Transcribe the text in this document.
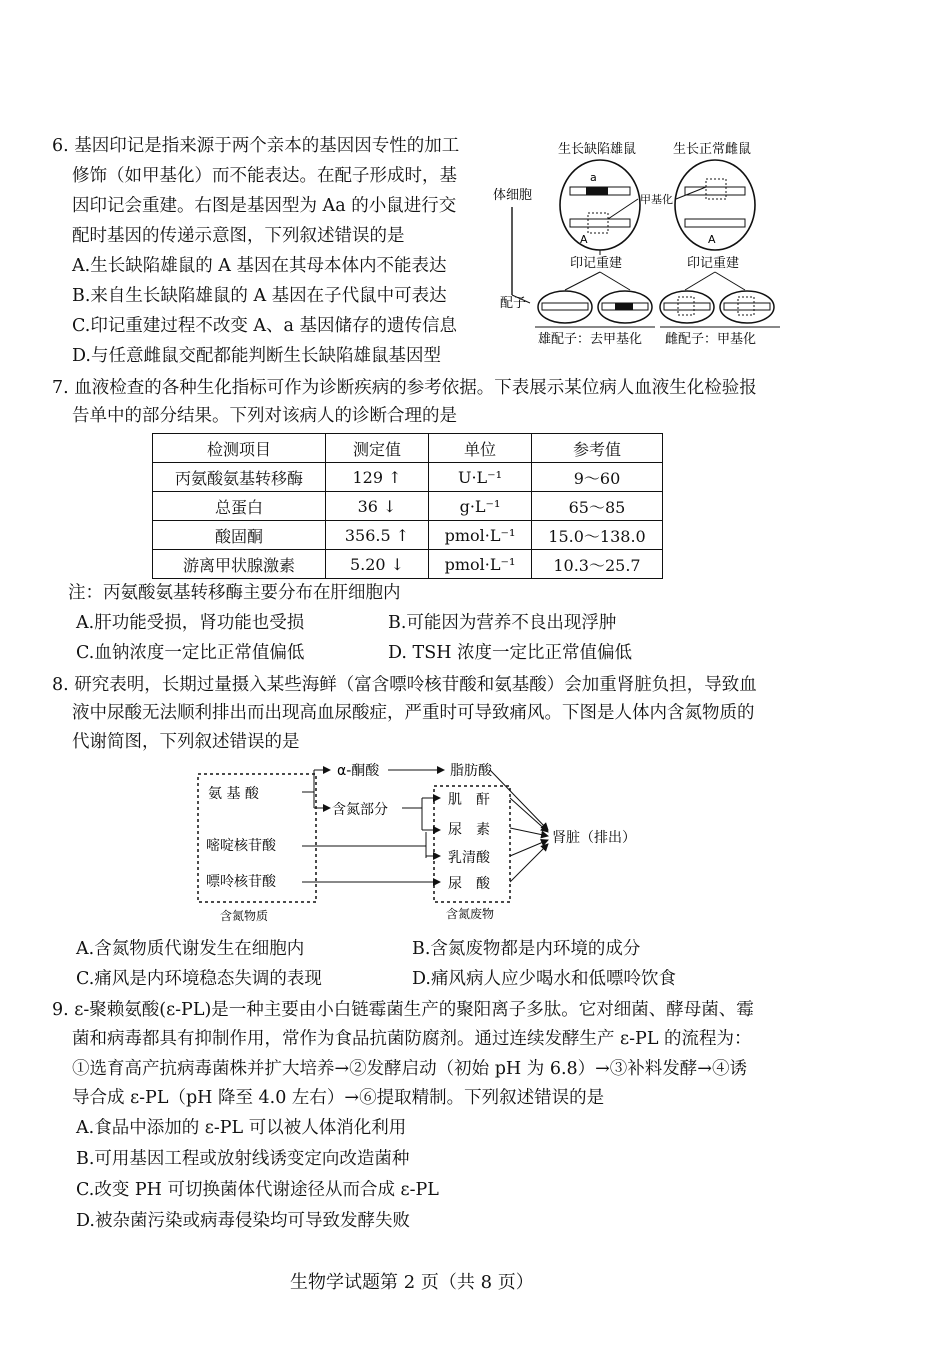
6. 基因印记是指来源于两个亲本的基因因专性的加工
修饰（如甲基化）而不能表达。在配子形成时，基
因印记会重建。右图是基因型为 Aa 的小鼠进行交
配时基因的传递示意图，下列叙述错误的是
A.生长缺陷雄鼠的 A 基因在其母本体内不能表达
B.来自生长缺陷雄鼠的 A 基因在子代鼠中可表达
C.印记重建过程不改变 A、a 基因储存的遗传信息
D.与任意雌鼠交配都能判断生长缺陷雄鼠基因型
生长缺陷雄鼠	生长正常雌鼠
体细胞
a
A	A
甲基化
印记重建	印记重建
配子
雄配子：去甲基化 雌配子：甲基化
7. 血液检查的各种生化指标可作为诊断疾病的参考依据。下表展示某位病人血液生化检验报
告单中的部分结果。下列对该病人的诊断合理的是
检测项目	测定值	单位	参考值
丙氨酸氨基转移酶	129 ↑	U·L⁻¹	9～60
总蛋白	36 ↓	g·L⁻¹	65～85
酸固酮	356.5 ↑	pmol·L⁻¹	15.0～138.0
游离甲状腺激素	5.20 ↓	pmol·L⁻¹	10.3～25.7
注：丙氨酸氨基转移酶主要分布在肝细胞内
A.肝功能受损，肾功能也受损	B.可能因为营养不良出现浮肿
C.血钠浓度一定比正常值偏低	D. TSH 浓度一定比正常值偏低
8. 研究表明，长期过量摄入某些海鲜（富含嘌呤核苷酸和氨基酸）会加重肾脏负担，导致血
液中尿酸无法顺利排出而出现高血尿酸症，严重时可导致痛风。下图是人体内含氮物质的
代谢简图，下列叙述错误的是
氨 基 酸
嘧啶核苷酸
嘌呤核苷酸
含氮物质
α-酮酸	脂肪酸
含氮部分
肌　酐
尿　素
乳清酸
尿　酸
含氮废物
肾脏（排出）
A.含氮物质代谢发生在细胞内	B.含氮废物都是内环境的成分
C.痛风是内环境稳态失调的表现	D.痛风病人应少喝水和低嘌呤饮食
9. ε-聚赖氨酸(ε-PL)是一种主要由小白链霉菌生产的聚阳离子多肽。它对细菌、酵母菌、霉
菌和病毒都具有抑制作用，常作为食品抗菌防腐剂。通过连续发酵生产 ε-PL 的流程为：
①选育高产抗病毒菌株并扩大培养→②发酵启动（初始 pH 为 6.8）→③补料发酵→④诱
导合成 ε-PL（pH 降至 4.0 左右）→⑥提取精制。下列叙述错误的是
A.食品中添加的 ε-PL 可以被人体消化利用
B.可用基因工程或放射线诱变定向改造菌种
C.改变 PH 可切换菌体代谢途径从而合成 ε-PL
D.被杂菌污染或病毒侵染均可导致发酵失败
生物学试题第 2 页（共 8 页）
